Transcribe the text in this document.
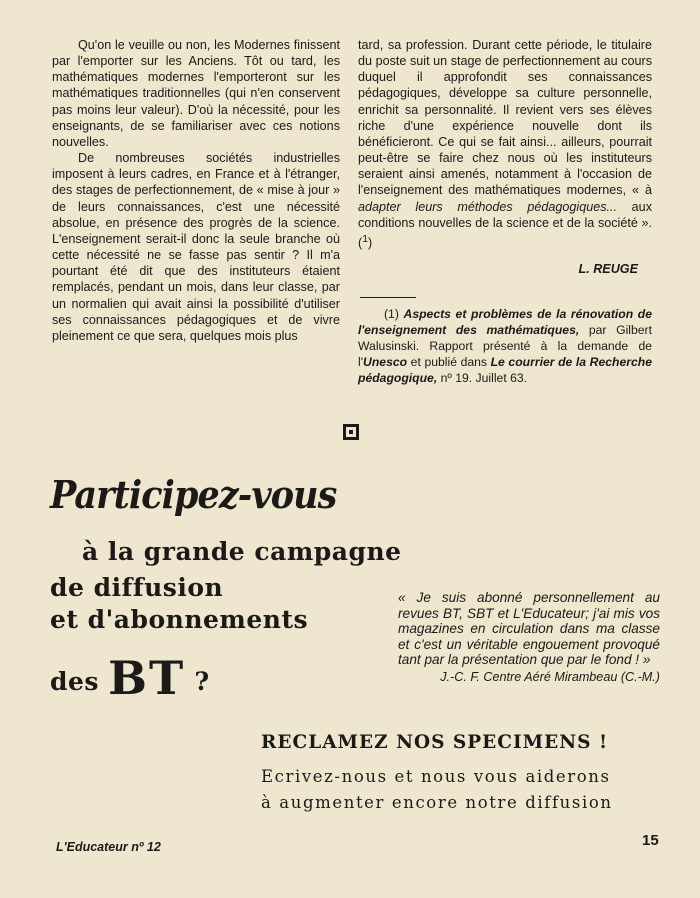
Qu'on le veuille ou non, les Modernes finissent par l'emporter sur les Anciens. Tôt ou tard, les mathématiques modernes l'emporteront sur les mathématiques traditionnelles (qui n'en conservent pas moins leur valeur). D'où la nécessité, pour les enseignants, de se familiariser avec ces notions nouvelles.

De nombreuses sociétés industrielles imposent à leurs cadres, en France et à l'étranger, des stages de perfectionnement, de « mise à jour » de leurs connaissances, c'est une nécessité absolue, en présence des progrès de la science. L'enseignement serait-il donc la seule branche où cette nécessité ne se fasse pas sentir ? Il m'a pourtant été dit que des instituteurs étaient remplacés, pendant un mois, dans leur classe, par un normalien qui avait ainsi la possibilité d'utiliser ses connaissances pédagogiques et de vivre pleinement ce que sera, quelques mois plus

tard, sa profession. Durant cette période, le titulaire du poste suit un stage de perfectionnement au cours duquel il approfondit ses connaissances pédagogiques, développe sa culture personnelle, enrichit sa personnalité. Il revient vers ses élèves riche d'une expérience nouvelle dont ils bénéficieront. Ce qui se fait ainsi... ailleurs, pourrait peut-être se faire chez nous où les instituteurs seraient ainsi amenés, notamment à l'occasion de l'enseignement des mathématiques modernes, « à adapter leurs méthodes pédagogiques... aux conditions nouvelles de la science et de la société ». ($^1$)

L. REUGE
(1) Aspects et problèmes de la rénovation de l'enseignement des mathématiques, par Gilbert Walusinski. Rapport présenté à la demande de l'Unesco et publié dans Le courrier de la Recherche pédagogique, nº 19. Juillet 63.
Participez-vous
à la grande campagne
de diffusion
et d'abonnements
des BT ?
« Je suis abonné personnellement au revues BT, SBT et L'Educateur; j'ai mis vos magazines en circulation dans ma classe et c'est un véritable engouement provoqué tant par la présentation que par le fond ! »
J.-C. F. Centre Aéré Mirambeau (C.-M.)
RECLAMEZ NOS SPECIMENS !
Ecrivez-nous et nous vous aiderons
à augmenter encore notre diffusion
L'Educateur nº 12	15
